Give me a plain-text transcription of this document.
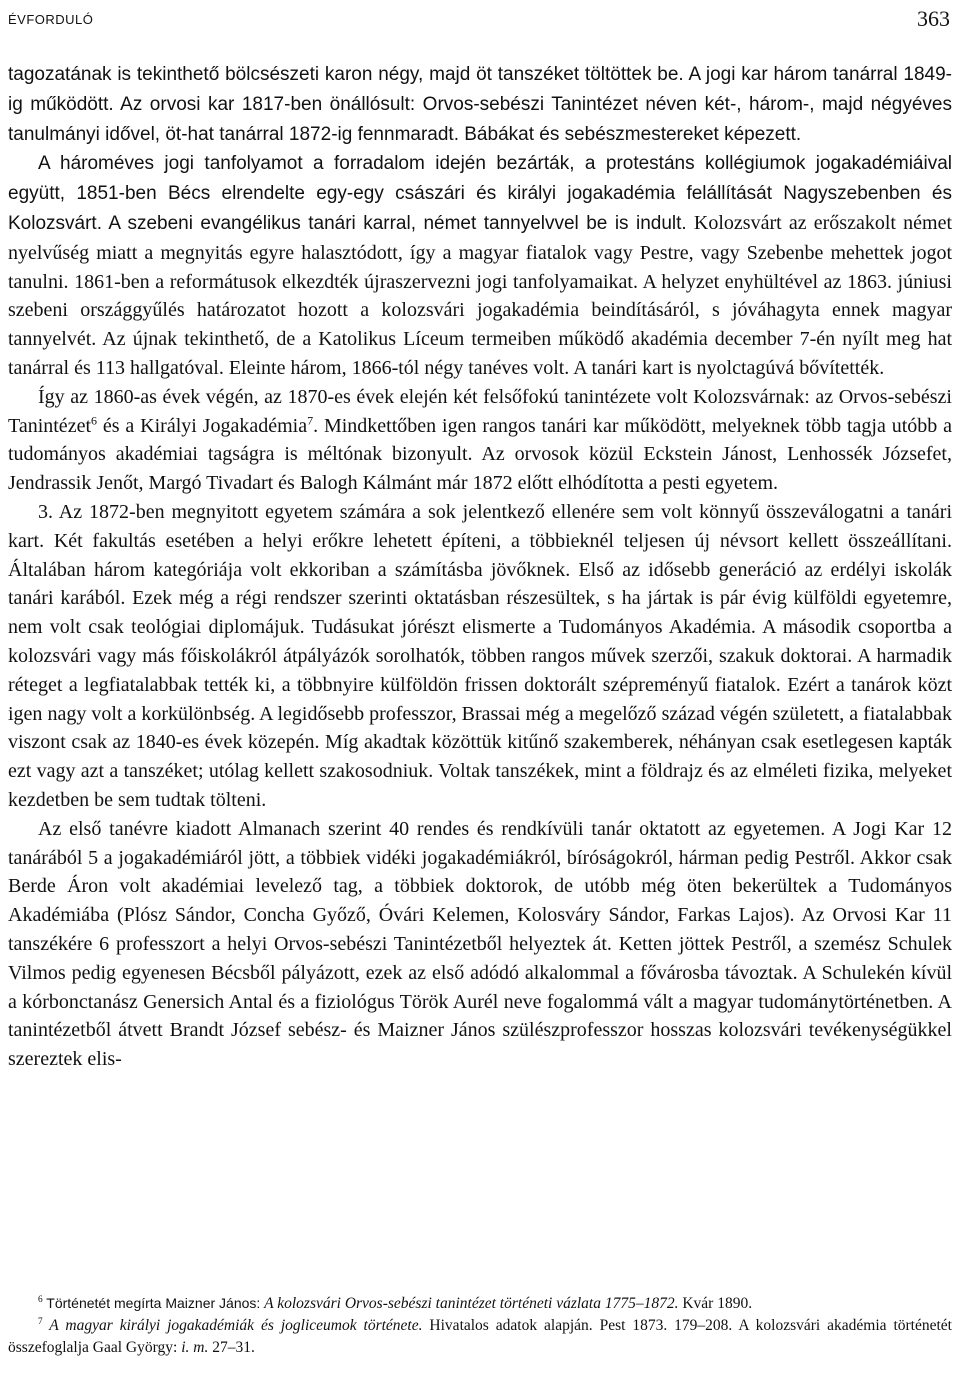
ÉVFORDULÓ	363

tagozatának is tekinthető bölcsészeti karon négy, majd öt tanszéket töltöttek be. A jogi kar három tanárral 1849-ig működött. Az orvosi kar 1817-ben önállósult: Orvos-sebészi Tanintézet néven két-, három-, majd négyéves tanulmányi idővel, öt-hat tanárral 1872-ig fennmaradt. Bábákat és sebészmestereket képezett.

A hároméves jogi tanfolyamot a forradalom idején bezárták, a protestáns kollégiumok jogakadémiáival együtt, 1851-ben Bécs elrendelte egy-egy császári és királyi jogakadémia felállítását Nagyszebenben és Kolozsvárt. A szebeni evangélikus tanári karral, német tannyelvvel be is indult. Kolozsvárt az erőszakolt német nyelvűség miatt a megnyitás egyre halasztódott, így a magyar fiatalok vagy Pestre, vagy Szebenbe mehettek jogot tanulni. 1861-ben a reformátusok elkezdték újraszervezni jogi tanfolyamaikat. A helyzet enyhültével az 1863. júniusi szebeni országgyűlés határozatot hozott a kolozsvári jogakadémia beindításáról, s jóváhagyta ennek magyar tannyelvét. Az újnak tekinthető, de a Katolikus Líceum termeiben működő akadémia december 7-én nyílt meg hat tanárral és 113 hallgatóval. Eleinte három, 1866-tól négy tanéves volt. A tanári kart is nyolctagúvá bővítették.

Így az 1860-as évek végén, az 1870-es évek elején két felsőfokú tanintézete volt Kolozsvárnak: az Orvos-sebészi Tanintézet$^6$ és a Királyi Jogakadémia$^7$. Mindkettőben igen rangos tanári kar működött, melyeknek több tagja utóbb a tudományos akadémiai tagságra is méltónak bizonyult. Az orvosok közül Eckstein Jánost, Lenhossék Józsefet, Jendrassik Jenőt, Margó Tivadart és Balogh Kálmánt már 1872 előtt elhódította a pesti egyetem.

3. Az 1872-ben megnyitott egyetem számára a sok jelentkező ellenére sem volt könnyű összeválogatni a tanári kart. Két fakultás esetében a helyi erőkre lehetett építeni, a többieknél teljesen új névsort kellett összeállítani. Általában három kategóriája volt ekkoriban a számításba jövőknek. Első az idősebb generáció az erdélyi iskolák tanári karából. Ezek még a régi rendszer szerinti oktatásban részesültek, s ha jártak is pár évig külföldi egyetemre, nem volt csak teológiai diplomájuk. Tudásukat jórészt elismerte a Tudományos Akadémia. A második csoportba a kolozsvári vagy más főiskolákról átpályázók sorolhatók, többen rangos művek szerzői, szakuk doktorai. A harmadik réteget a legfiatalabbak tették ki, a többnyire külföldön frissen doktorált szépreményű fiatalok. Ezért a tanárok közt igen nagy volt a korkülönbség. A legidősebb professzor, Brassai még a megelőző század végén született, a fiatalabbak viszont csak az 1840-es évek közepén. Míg akadtak közöttük kitűnő szakemberek, néhányan csak esetlegesen kapták ezt vagy azt a tanszéket; utólag kellett szakosodniuk. Voltak tanszékek, mint a földrajz és az elméleti fizika, melyeket kezdetben be sem tudtak tölteni.

Az első tanévre kiadott Almanach szerint 40 rendes és rendkívüli tanár oktatott az egyetemen. A Jogi Kar 12 tanárából 5 a jogakadémiáról jött, a többiek vidéki jogakadémiákról, bíróságokról, hárman pedig Pestről. Akkor csak Berde Áron volt akadémiai levelező tag, a többiek doktorok, de utóbb még öten bekerültek a Tudományos Akadémiába (Plósz Sándor, Concha Győző, Óvári Kelemen, Kolosváry Sándor, Farkas Lajos). Az Orvosi Kar 11 tanszékére 6 professzort a helyi Orvos-sebészi Tanintézetből helyeztek át. Ketten jöttek Pestről, a szemész Schulek Vilmos pedig egyenesen Bécsből pályázott, ezek az első adódó alkalommal a fővárosba távoztak. A Schulekén kívül a kórbonctanász Genersich Antal és a fiziológus Török Aurél neve fogalommá vált a magyar tudománytörténetben. A tanintézetből átvett Brandt József sebész- és Maizner János szülészprofesszor hosszas kolozsvári tevékenységükkel szereztek elis-

$^6$ Történetét megírta Maizner János: A kolozsvári Orvos-sebészi tanintézet történeti vázlata 1775–1872. Kvár 1890.

$^7$ A magyar királyi jogakadémiák és jogliceumok története. Hivatalos adatok alapján. Pest 1873. 179–208. A kolozsvári akadémia történetét összefoglalja Gaal György: i. m. 27–31.
